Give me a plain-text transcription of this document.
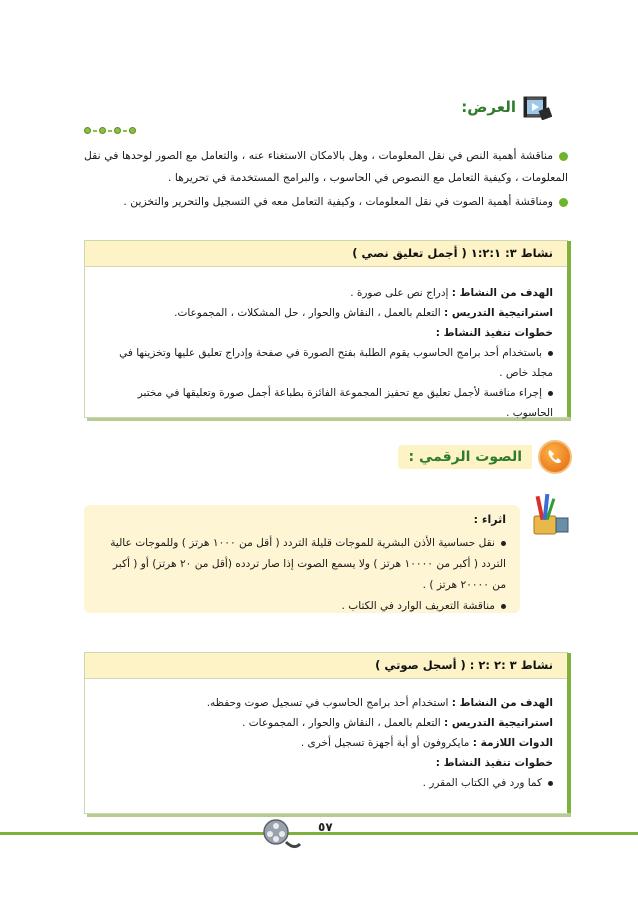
العرض:

مناقشة أهمية النص في نقل المعلومات ، وهل بالامكان الاستغناء عنه ، والتعامل مع الصور لوحدها في نقل المعلومات ، وكيفية التعامل مع النصوص في الحاسوب ، والبرامج المستخدمة في تحريرها .

ومناقشة أهمية الصوت في نقل المعلومات ، وكيفية التعامل معه في التسجيل والتحرير والتخزين .

نشاط ٣: ١:٢:١ ( أجمل تعليق نصي )
الهدف من النشاط : إدراج نص على صورة .
استراتيجية التدريس : التعلم بالعمل ، النقاش والحوار ، حل المشكلات ، المجموعات.
خطوات تنفيذ النشاط :
باستخدام أحد برامج الحاسوب يقوم الطلبة بفتح الصورة في صفحة وإدراج تعليق عليها وتخزينها في مجلد خاص .
إجراء منافسة لأجمل تعليق مع تحفيز المجموعة الفائزة بطباعة أجمل صورة وتعليقها في مختبر الحاسوب .
الصوت الرقمي :
اثراء :
نقل حساسية الأذن البشرية للموجات قليلة التردد ( أقل من ١٠٠٠ هرتز ) وللموجات عالية التردد ( أكبر من ١٠٠٠٠ هرتز ) ولا يسمع الصوت إذا صار تردده (أقل من ٢٠ هرتز) أو ( أكبر من ٢٠٠٠٠ هرتز ) .
مناقشة التعريف الوارد في الكتاب .
نشاط ٣ :٢ :٢ : ( أسجل صوتي )
الهدف من النشاط : استخدام أحد برامج الحاسوب في تسجيل صوت وحفظه.
استراتيجية التدريس : التعلم بالعمل ، النقاش والحوار ، المجموعات .
الدوات اللازمة : مايكروفون أو أية أجهزة تسجيل أخرى .
خطوات تنفيذ النشاط :
كما ورد في الكتاب المقرر .
٥٧
